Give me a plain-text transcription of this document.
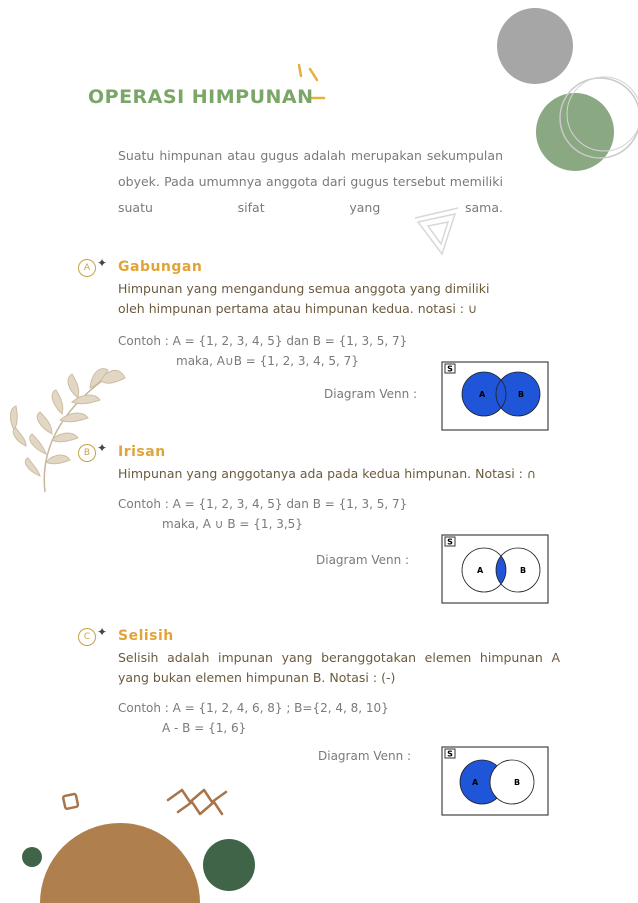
OPERASI HIMPUNAN
Suatu himpunan atau gugus adalah merupakan sekumpulan obyek. Pada umumnya anggota dari gugus tersebut memiliki suatu sifat yang sama.
A ✦ Gabungan
Himpunan yang mengandung semua anggota yang dimiliki oleh himpunan pertama atau himpunan kedua. notasi : ∪
Contoh : A = {1, 2, 3, 4, 5} dan B = {1, 3, 5, 7}
maka, A∪B = {1, 2, 3, 4, 5, 7}
Diagram Venn :
S
A	B
B ✦ Irisan
Himpunan yang anggotanya ada pada kedua himpunan. Notasi : ∩
Contoh : A = {1, 2, 3, 4, 5} dan B = {1, 3, 5, 7}
maka, A ∪ B = {1, 3,5}
Diagram Venn :
S
A	B
C ✦ Selisih
Selisih adalah impunan yang beranggotakan elemen himpunan A yang bukan elemen himpunan B. Notasi : (-)
Contoh : A = {1, 2, 4, 6, 8} ; B={2, 4, 8, 10}
A - B = {1, 6}
Diagram Venn :	S
A	B
